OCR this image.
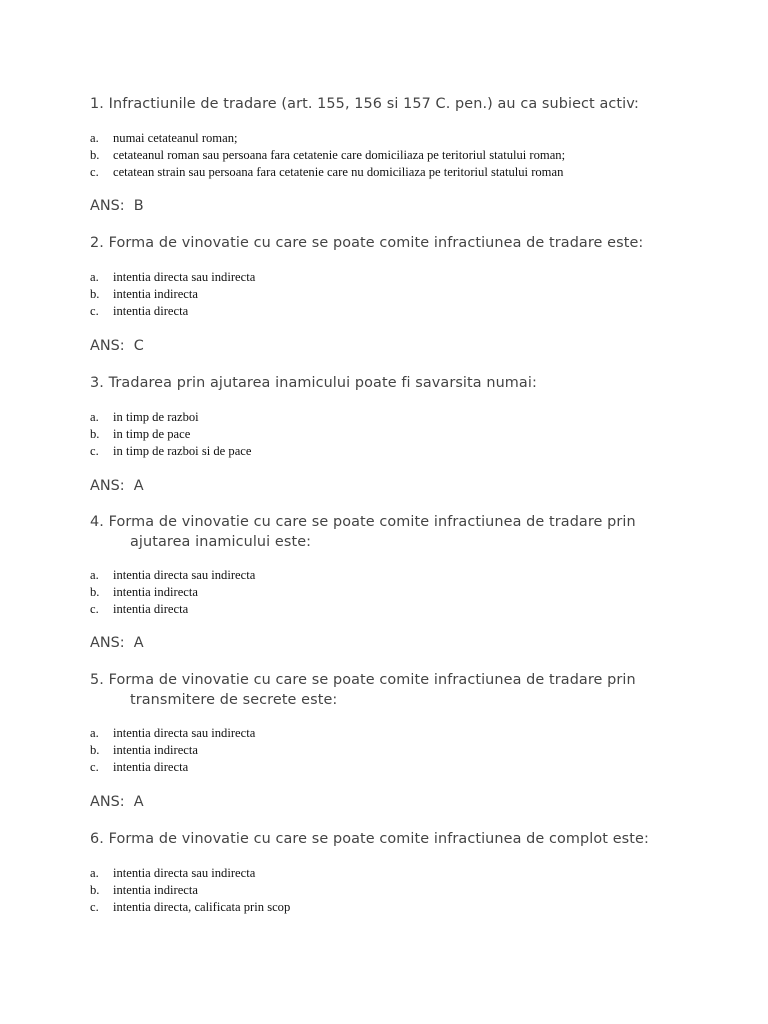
1. Infractiunile de tradare (art. 155, 156 si 157 C. pen.) au ca subiect activ:
a.	numai cetateanul roman;
b.	cetateanul roman sau persoana fara cetatenie care domiciliaza pe teritoriul statului roman;
c.	cetatean strain sau persoana fara cetatenie care nu domiciliaza pe teritoriul statului roman
ANS: B
2. Forma de vinovatie cu care se poate comite infractiunea de tradare este:
a.	intentia directa sau indirecta
b.	intentia indirecta
c.	intentia directa
ANS: C
3. Tradarea prin ajutarea inamicului poate fi savarsita numai:
a.	in timp de razboi
b.	in timp de pace
c.	in timp de razboi si de pace
ANS: A
4. Forma de vinovatie cu care se poate comite infractiunea de tradare prin
ajutarea inamicului este:
a.	intentia directa sau indirecta
b.	intentia indirecta
c.	intentia directa
ANS: A
5. Forma de vinovatie cu care se poate comite infractiunea de tradare prin
transmitere de secrete este:
a.	intentia directa sau indirecta
b.	intentia indirecta
c.	intentia directa
ANS: A
6. Forma de vinovatie cu care se poate comite infractiunea de complot este:
a.	intentia directa sau indirecta
b.	intentia indirecta
c.	intentia directa, calificata prin scop
